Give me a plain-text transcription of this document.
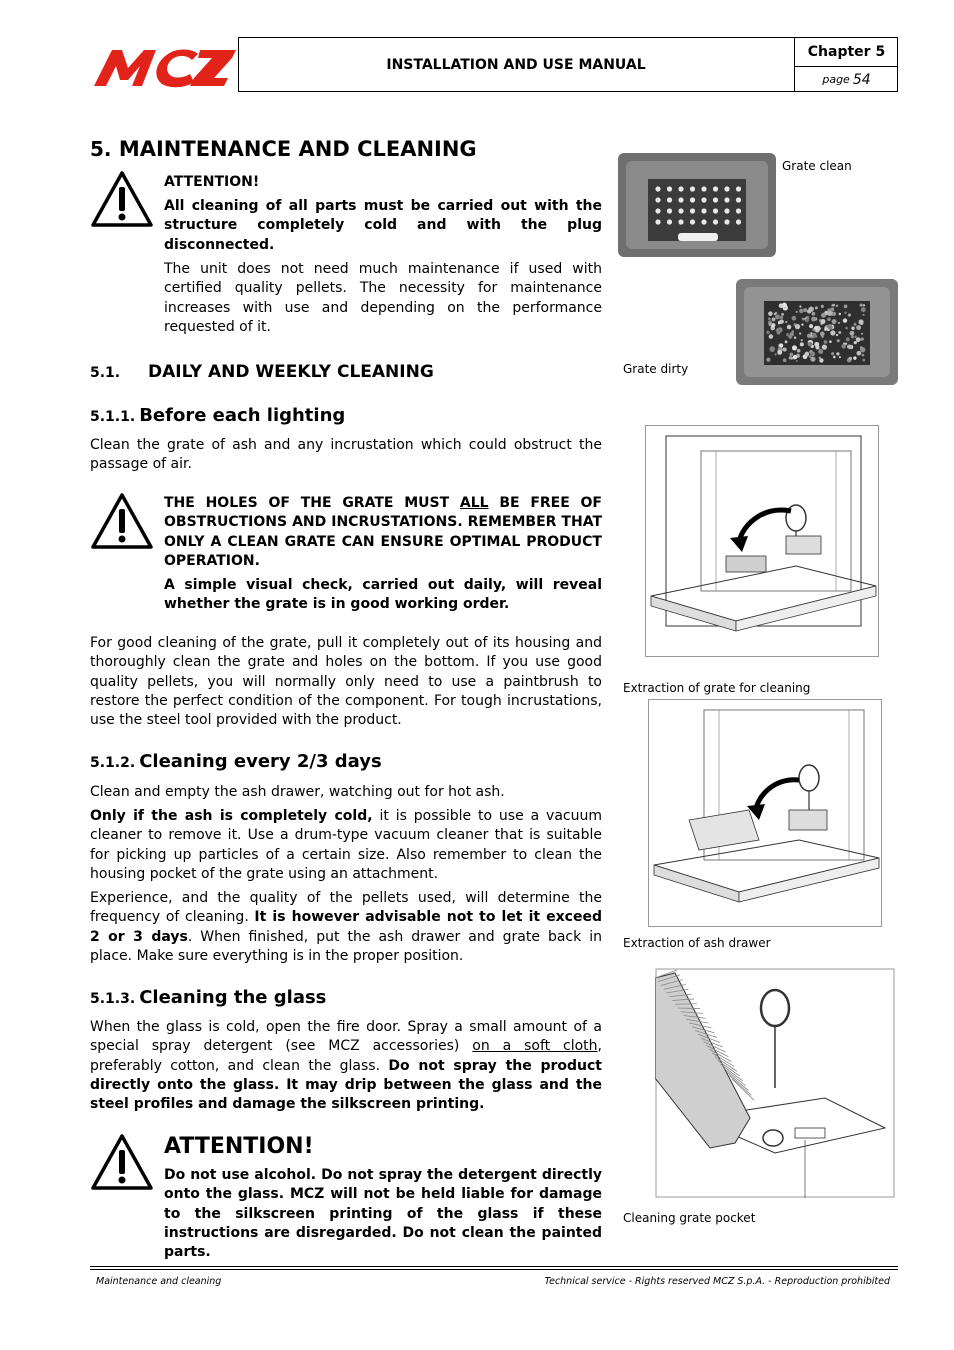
INSTALLATION AND USE MANUAL
Chapter 5
page 54
5. MAINTENANCE AND CLEANING
ATTENTION!
All cleaning of all parts must be carried out with the structure completely cold and with the plug disconnected.
The unit does not need much maintenance if used with certified quality pellets. The necessity for maintenance increases with use and depending on the performance requested of it.
5.1. DAILY AND WEEKLY CLEANING
5.1.1. Before each lighting
Clean the grate of ash and any incrustation which could obstruct the passage of air.
THE HOLES OF THE GRATE MUST ALL BE FREE OF OBSTRUCTIONS AND INCRUSTATIONS. REMEMBER THAT ONLY A CLEAN GRATE CAN ENSURE OPTIMAL PRODUCT OPERATION.
A simple visual check, carried out daily, will reveal whether the grate is in good working order.
For good cleaning of the grate, pull it completely out of its housing and thoroughly clean the grate and holes on the bottom. If you use good quality pellets, you will normally only need to use a paintbrush to restore the perfect condition of the component. For tough incrustations, use the steel tool provided with the product.
5.1.2. Cleaning every 2/3 days
Clean and empty the ash drawer, watching out for hot ash.
Only if the ash is completely cold, it is possible to use a vacuum cleaner to remove it. Use a drum-type vacuum cleaner that is suitable for picking up particles of a certain size. Also remember to clean the housing pocket of the grate using an attachment.
Experience, and the quality of the pellets used, will determine the frequency of cleaning. It is however advisable not to let it exceed 2 or 3 days. When finished, put the ash drawer and grate back in place. Make sure everything is in the proper position.
5.1.3. Cleaning the glass
When the glass is cold, open the fire door. Spray a small amount of a special spray detergent (see MCZ accessories) on a soft cloth, preferably cotton, and clean the glass. Do not spray the product directly onto the glass. It may drip between the glass and the steel profiles and damage the silkscreen printing.
ATTENTION!
Do not use alcohol. Do not spray the detergent directly onto the glass. MCZ will not be held liable for damage to the silkscreen printing of the glass if these instructions are disregarded. Do not clean the painted parts.
Grate clean
Grate dirty
Extraction of grate for cleaning
Extraction of ash drawer
Cleaning grate pocket
Maintenance and cleaning	Technical service - Rights reserved MCZ S.p.A. - Reproduction prohibited
